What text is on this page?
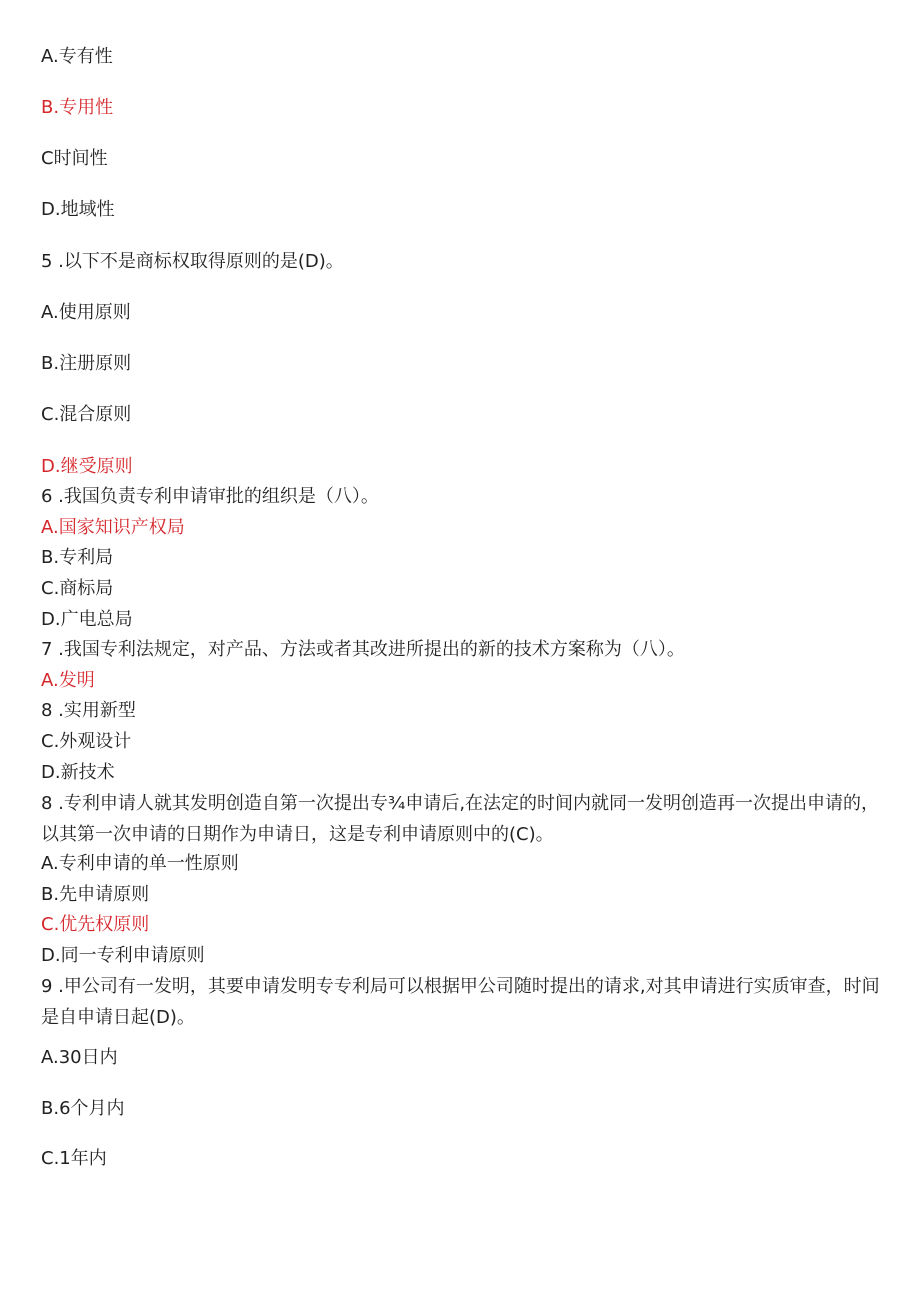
A.专有性
B.专用性
C时间性
D.地域性
5 .以下不是商标权取得原则的是(D)。
A.使用原则
B.注册原则
C.混合原则
D.继受原则
6 .我国负责专利申请审批的组织是（八）。
A.国家知识产权局
B.专利局
C.商标局
D.广电总局
7 .我国专利法规定，对产品、方法或者其改进所提出的新的技术方案称为（八）。
A.发明
8 .实用新型
C.外观设计
D.新技术
8 .专利申请人就其发明创造自第一次提出专¾申请后,在法定的时间内就同一发明创造再一次提出申请的，以其第一次申请的日期作为申请日，这是专利申请原则中的(C)。
A.专利申请的单一性原则
B.先申请原则
C.优先权原则
D.同一专利申请原则
9 .甲公司有一发明，其要申请发明专专利局可以根据甲公司随时提出的请求,对其申请进行实质审查，时间是自申请日起(D)。
A.30日内
B.6个月内
C.1年内
